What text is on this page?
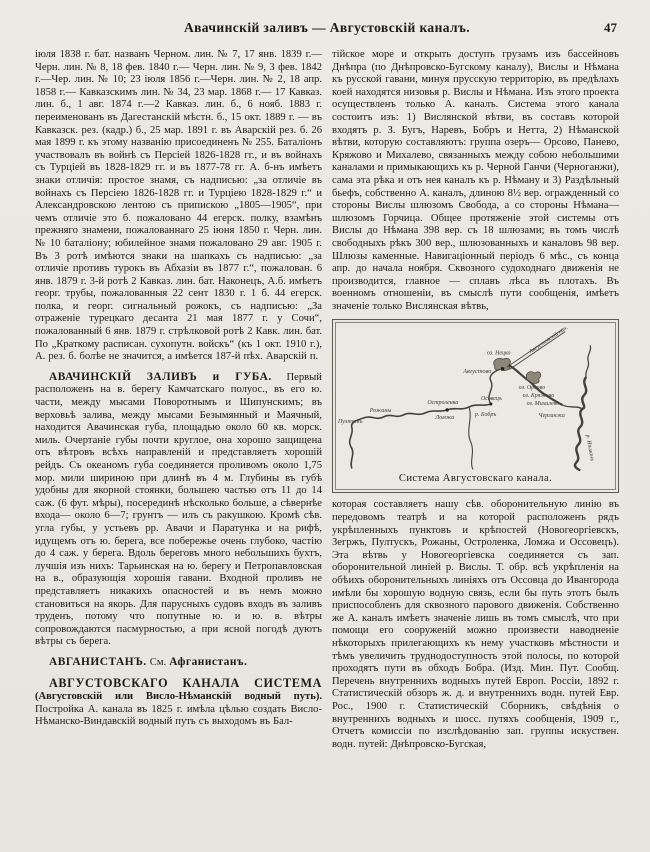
Авачинскій заливъ — Августовскій каналъ.	47

іюля 1838 г. бат. названъ Черном. лин. № 7, 17 янв. 1839 г.—Черн. лин. № 8, 18 фев. 1840 г.— Черн. лин. № 9, 3 фев. 1842 г.—Чер. лин. № 10; 23 іюля 1856 г.—Черн. лин. № 2, 18 апр. 1858 г.— Кавказскимъ лин. № 34, 23 мар. 1868 г.— 17 Кавказ. лин. б., 1 авг. 1874 г.—2 Кавказ. лин. б., 6 нояб. 1883 г. переименованъ въ Дагестанскій мѣстн. б., 15 окт. 1889 г. — въ Кавказск. рез. (кадр.) б., 25 мар. 1891 г. въ Аварскій рез. б. 26 мая 1899 г. къ этому названію присоединенъ № 255. Баталіонъ участвовалъ въ войнѣ съ Персіей 1826-1828 гг., и въ войнахъ съ Турціей въ 1828-1829 гг. и въ 1877-78 гг. А. б-нъ имѣетъ знаки отличія: простое знамя, съ надписью: „за отличіе въ войнахъ съ Персіею 1826-1828 гг. и Турціею 1828-1829 г.“ и Александровскою лентою съ припискою „1805—1905“, при чемъ отличіе это б. пожаловано 44 егерск. полку, взамѣнъ прежняго знамени, пожалованнаго 25 іюня 1850 г. Черн. лин. № 10 баталіону; юбилейное знамя пожаловано 29 авг. 1905 г. Въ 3 ротѣ имѣются знаки на шапкахъ съ надписью: „за отличіе противъ турокъ въ Абхазіи въ 1877 г.“, пожалован. 6 янв. 1879 г. 3-й ротѣ 2 Кавказ. лин. бат. Наконецъ, А.б. имѣетъ георг. трубы, пожалованныя 22 сент 1830 г. 1 б. 44 егерск. полка, и георг. сигнальный рожокъ, съ надписью: „За отраженіе турецкаго десанта 21 мая 1877 г. у Сочи“, пожалованный 6 янв. 1879 г. стрѣлковой ротѣ 2 Кавк. лин. бат. По „Краткому расписан. сухопутн. войскъ“ (къ 1 окт. 1910 г.), А. рез. б. болѣе не значится, а имѣется 187-й пѣх. Аварскій п.

АВАЧИНСКІЙ ЗАЛИВЪ и ГУБА. Первый расположенъ на в. берегу Камчатскаго полуос., въ его ю. части, между мысами Поворотнымъ и Шипунскимъ; въ верховьѣ залива, между мысами Безымянный и Маячный, находится Авачинская губа, площадью около 60 кв. морск. миль. Очертаніе губы почти круглое, она хорошо защищена отъ вѣтровъ всѣхъ направленій и представляетъ хорошій рейдъ. Съ океаномъ губа соединяется проливомъ около 1,75 мор. мили шириною при длинѣ въ 4 м. Глубины въ губѣ удобны для якорной стоянки, большею частью отъ 11 до 14 саж. (6 фут. мѣры), посерединѣ нѣсколько больше, а сѣвернѣе входа— около 6—7; грунтъ — илъ съ ракушкою. Кромѣ сѣв. угла губы, у устьевъ рр. Авачи и Паратунка и на рифѣ, идущемъ отъ ю. берега, все побережье очень глубоко, частію до 4 саж. у берега. Вдоль береговъ много небольшихъ бухтъ, лучшія изъ нихъ: Тарьинская на ю. берегу и Петропавловская на в., образующія хорошія гавани. Входной проливъ не представляетъ никакихъ опасностей и въ немъ можно становиться на якорь. Для парусныхъ судовъ входъ въ заливъ труденъ, потому что попутные ю. и ю. в. вѣтры сопровождаются пасмурностью, а при ясной погодѣ дуютъ вѣтры съ берега.

АВГАНИСТАНЪ. См. Афганистанъ.

АВГУСТОВСКАГО КАНАЛА СИСТЕМА (Августовскій или Висло-Нѣманскій водный путь). Постройка А. канала въ 1825 г. имѣла цѣлью создать Висло-Нѣманско-Виндавскій водный путь съ выходомъ въ Бал-

тійское море и открыть доступъ грузамъ изъ бассейновъ Днѣпра (по Днѣпровско-Бугскому каналу), Вислы и Нѣмана къ русской гавани, минуя прусскую территорію, въ предѣлахъ коей находятся низовья р. Вислы и Нѣмана. Изъ этого проекта осуществленъ только А. каналъ. Система этого канала состоитъ изъ: 1) Вислянской вѣтви, въ составъ которой входятъ р. З. Бугъ, Наревъ, Бобръ и Нетта, 2) Нѣманской вѣтви, которую составляютъ: группа озеръ— Орсово, Панево, Кряжово и Михалево, связанныхъ между собою небольшими каналами и примыкающихъ къ р. Черной Ганчи (Черноганжи), сама эта рѣка и отъ нея каналъ къ р. Нѣману и 3) Раздѣльный бьефъ, собственно А. каналъ, длиною 8½ вер. огражденный со стороны Вислы шлюзомъ Свобода, а со стороны Нѣмана—шлюзомъ Горчица. Общее протяженіе этой системы отъ Вислы до Нѣмана 398 вер. съ 18 шлюзами; въ томъ числѣ свободныхъ рѣкъ 300 вер., шлюзованныхъ и каналовъ 98 вер. Шлюзы каменные. Навигаціонный періодъ 6 мѣс., съ конца апр. до начала ноября. Сквозного судоходнаго движенія не производится, главное — сплавъ лѣса въ плотахъ. Въ военномъ отношеніи, въ смыслѣ пути сообщенія, имѣетъ значеніе только Вислянская вѣтвь,

оз. Нецко
Августово
Августовскій кан.
оз. Орсово
оз. Кряжово
оз. Михалево
Черганжа
р. Бобръ
Осовецъ
Остроленка
Ломжа
Рожаны
Пултускъ
р. Нѣманъ
Система Августовскаго канала.

которая составляетъ нашу сѣв. оборонительную линію въ передовомъ театрѣ и на которой расположенъ рядъ укрѣпленныхъ пунктовъ и крѣпостей (Новогеоргіевскъ, Зегржъ, Пултускъ, Рожаны, Остроленка, Ломжа и Оссовецъ). Эта вѣтвь у Новогеоргіевска соединяется съ зап. оборонительной линіей р. Вислы. Т. обр. всѣ укрѣпленія на обѣихъ оборонительныхъ линіяхъ отъ Оссовца до Ивангорода имѣли бы хорошую водную связь, если бы путь этотъ былъ приспособленъ для сквозного парового движенія. Собственно же А. каналъ имѣетъ значеніе лишь въ томъ смыслѣ, что при помощи его сооруженій можно произвести наводненіе нѣкоторыхъ прилегающихъ къ нему участковъ мѣстности и тѣмъ увеличить труднодоступность этой полосы, по которой проходятъ пути въ обходъ Бобра. (Изд. Мин. Пут. Сообщ. Перечень внутреннихъ водныхъ путей Европ. Россіи, 1892 г. Статистическій обзоръ ж. д. и внутреннихъ водн. путей Евр. Рос., 1900 г. Статистическій Сборникъ, свѣдѣнія о внутреннихъ водныхъ и шосс. путяхъ сообщенія, 1909 г., Отчетъ комиссіи по изслѣдованію зап. группы искуствен. водн. путей: Днѣпровско-Бугская,
